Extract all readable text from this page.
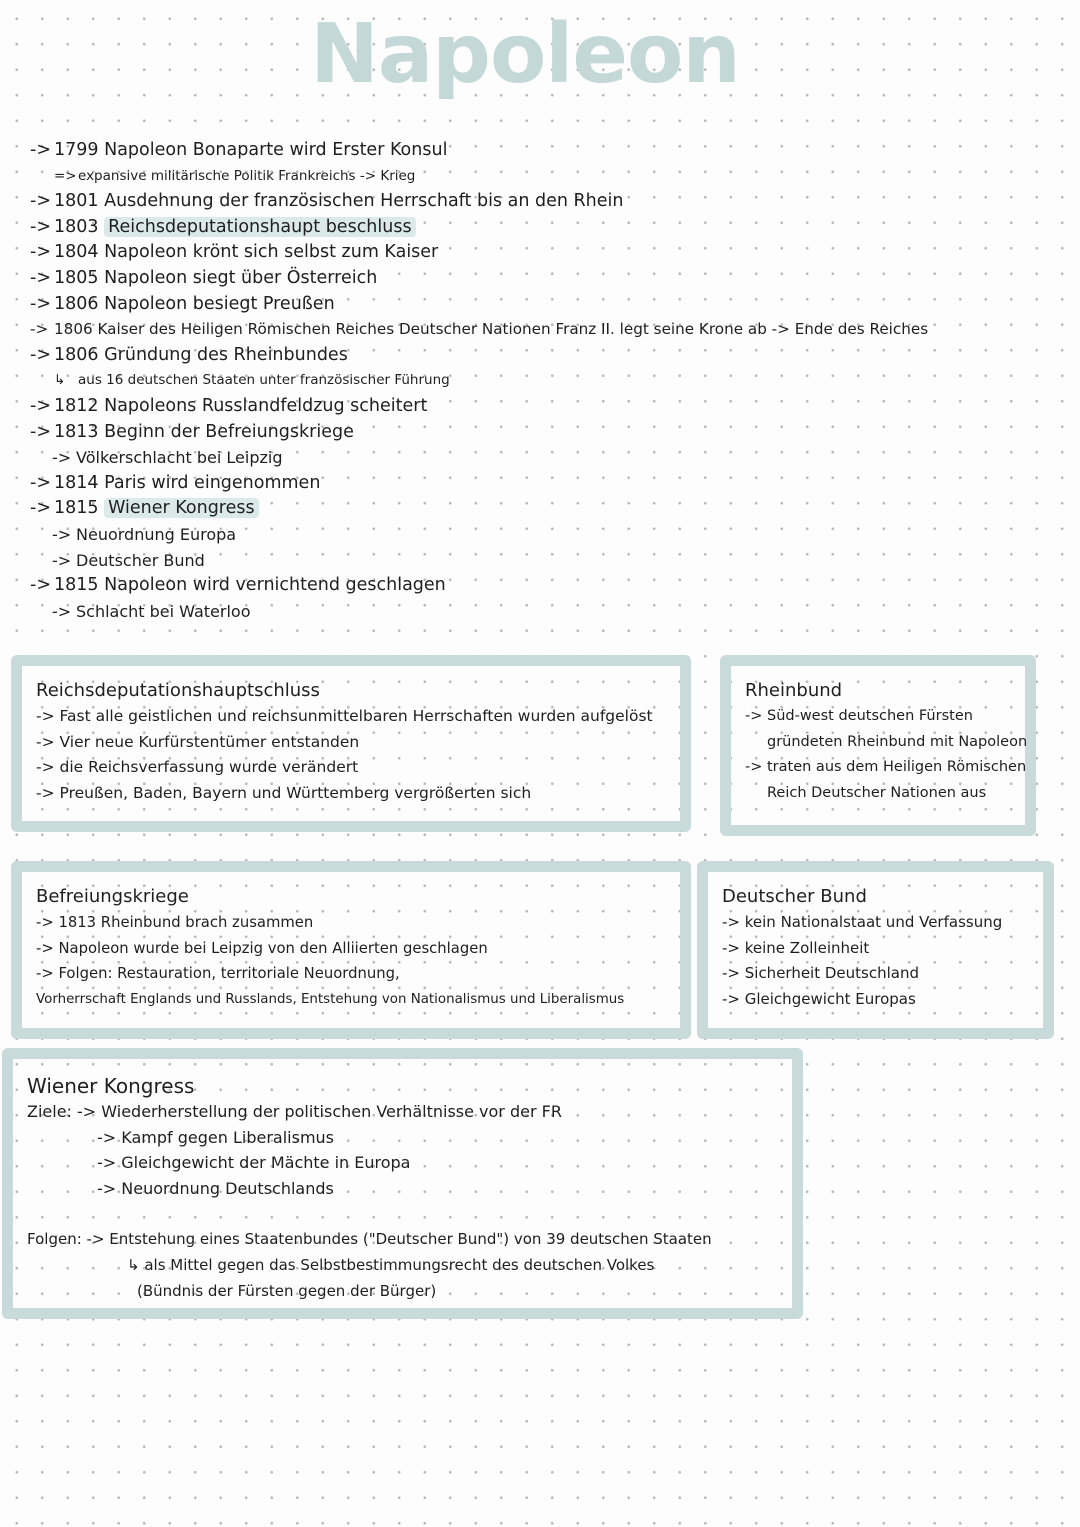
Napoleon
-> 1799 Napoleon Bonaparte wird Erster Konsul
=>expansive militärische Politik Frankreichs -> Krieg
-> 1801 Ausdehnung der französischen Herrschaft bis an den Rhein
-> 1803 Reichsdeputationshaupt beschluss
-> 1804 Napoleon krönt sich selbst zum Kaiser
-> 1805 Napoleon siegt über Österreich
-> 1806 Napoleon besiegt Preußen
-> 1806 Kaiser des Heiligen Römischen Reiches Deutscher Nationen Franz II. legt seine Krone ab -> Ende des Reiches
-> 1806 Gründung des Rheinbundes
↳ aus 16 deutschen Staaten unter französischer Führung
-> 1812 Napoleons Russlandfeldzug scheitert
-> 1813 Beginn der Befreiungskriege
-> Völkerschlacht bei Leipzig
-> 1814 Paris wird eingenommen
-> 1815 Wiener Kongress
-> Neuordnung Europa
-> Deutscher Bund
-> 1815 Napoleon wird vernichtend geschlagen
-> Schlacht bei Waterloo
Reichsdeputationshauptschluss
-> Fast alle geistlichen und reichsunmittelbaren Herrschaften wurden aufgelöst
-> Vier neue Kurfürstentümer entstanden
-> die Reichsverfassung wurde verändert
-> Preußen, Baden, Bayern und Württemberg vergrößerten sich
Rheinbund
-> Süd-west deutschen Fürsten
gründeten Rheinbund mit Napoleon
-> traten aus dem Heiligen Römischen
Reich Deutscher Nationen aus
Befreiungskriege
-> 1813 Rheinbund brach zusammen
-> Napoleon wurde bei Leipzig von den Alliierten geschlagen
-> Folgen: Restauration, territoriale Neuordnung,
Vorherrschaft Englands und Russlands, Entstehung von Nationalismus und Liberalismus
Deutscher Bund
-> kein Nationalstaat und Verfassung
-> keine Zolleinheit
-> Sicherheit Deutschland
-> Gleichgewicht Europas
Wiener Kongress
Ziele: -> Wiederherstellung der politischen Verhältnisse vor der FR
-> Kampf gegen Liberalismus
-> Gleichgewicht der Mächte in Europa
-> Neuordnung Deutschlands
Folgen: -> Entstehung eines Staatenbundes ("Deutscher Bund") von 39 deutschen Staaten
↳ als Mittel gegen das Selbstbestimmungsrecht des deutschen Volkes
(Bündnis der Fürsten gegen der Bürger)
